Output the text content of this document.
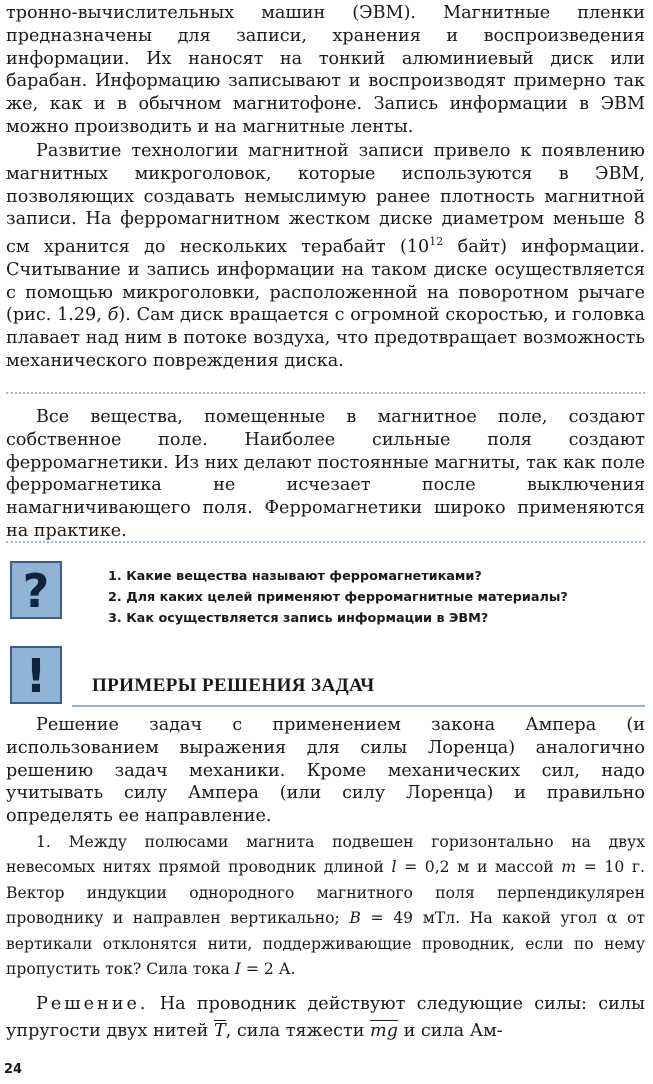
тронно-вычислительных машин (ЭВМ). Магнитные пленки предназначены для записи, хранения и воспроизведения информации. Их наносят на тонкий алюминиевый диск или барабан. Информацию записывают и воспроизводят примерно так же, как и в обычном магнитофоне. Запись информации в ЭВМ можно производить и на магнитные ленты.
Развитие технологии магнитной записи привело к появлению магнитных микроголовок, которые используются в ЭВМ, позволяющих создавать немыслимую ранее плотность магнитной записи. На ферромагнитном жестком диске диаметром меньше 8 см хранится до нескольких терабайт ($10^{12}$ байт) информации. Считывание и запись информации на таком диске осуществляется с помощью микроголовки, расположенной на поворотном рычаге (рис. 1.29, б). Сам диск вращается с огромной скоростью, и головка плавает над ним в потоке воздуха, что предотвращает возможность механического повреждения диска.
Все вещества, помещенные в магнитное поле, создают собственное поле. Наиболее сильные поля создают ферромагнетики. Из них делают постоянные магниты, так как поле ферромагнетика не исчезает после выключения намагничивающего поля. Ферромагнетики широко применяются на практике.
?	1. Какие вещества называют ферромагнетиками?
2. Для каких целей применяют ферромагнитные материалы?
3. Как осуществляется запись информации в ЭВМ?
!	ПРИМЕРЫ РЕШЕНИЯ ЗАДАЧ
Решение задач с применением закона Ампера (и использованием выражения для силы Лоренца) аналогично решению задач механики. Кроме механических сил, надо учитывать силу Ампера (или силу Лоренца) и правильно определять ее направление.
1. Между полюсами магнита подвешен горизонтально на двух невесомых нитях прямой проводник длиной l = 0,2 м и массой m = 10 г. Вектор индукции однородного магнитного поля перпендикулярен проводнику и направлен вертикально; B = 49 мТл. На какой угол α от вертикали отклонятся нити, поддерживающие проводник, если по нему пропустить ток? Сила тока I = 2 А.
Решение. На проводник действуют следующие силы: силы упругости двух нитей $\overline{T}$, сила тяжести $\overline{mg}$ и сила Ам-
24
